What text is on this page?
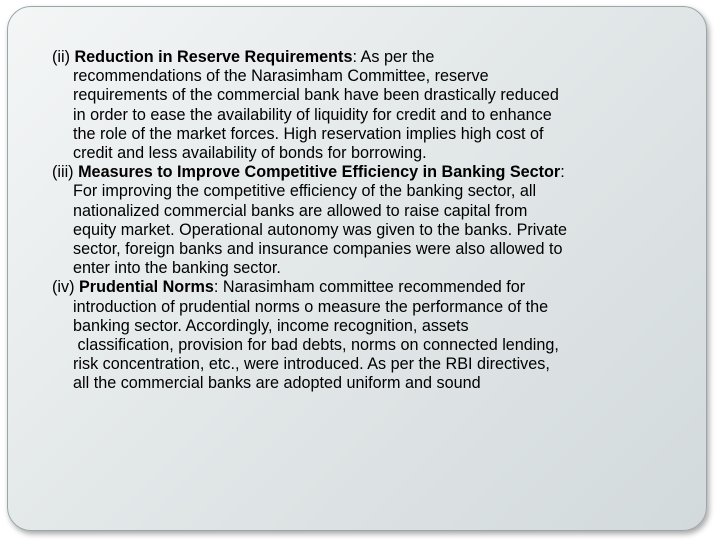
(ii) Reduction in Reserve Requirements: As per the
recommendations of the Narasimham Committee, reserve
requirements of the commercial bank have been drastically reduced
in order to ease the availability of liquidity for credit and to enhance
the role of the market forces. High reservation implies high cost of
credit and less availability of bonds for borrowing.

(iii) Measures to Improve Competitive Efficiency in Banking Sector:
For improving the competitive efficiency of the banking sector, all
nationalized commercial banks are allowed to raise capital from
equity market. Operational autonomy was given to the banks. Private
sector, foreign banks and insurance companies were also allowed to
enter into the banking sector.

(iv) Prudential Norms: Narasimham committee recommended for
introduction of prudential norms o measure the performance of the
banking sector. Accordingly, income recognition, assets
classification, provision for bad debts, norms on connected lending,
risk concentration, etc., were introduced. As per the RBI directives,
all the commercial banks are adopted uniform and sound
